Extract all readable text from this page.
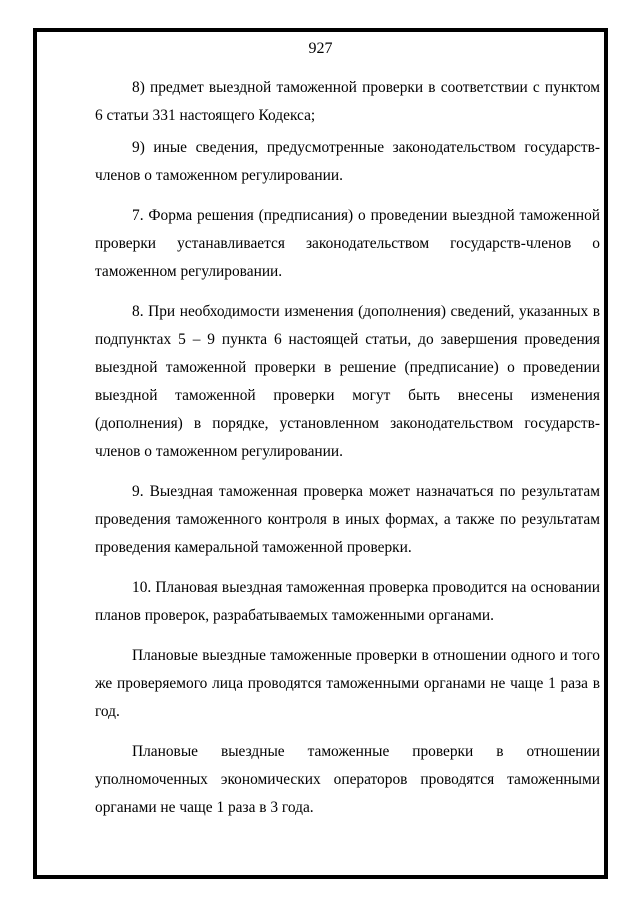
927

8) предмет выездной таможенной проверки в соответствии с пунктом 6 статьи 331 настоящего Кодекса;

9) иные сведения, предусмотренные законодательством государств-членов о таможенном регулировании.

7. Форма решения (предписания) о проведении выездной таможенной проверки устанавливается законодательством государств-членов о таможенном регулировании.

8. При необходимости изменения (дополнения) сведений, указанных в подпунктах 5 – 9 пункта 6 настоящей статьи, до завершения проведения выездной таможенной проверки в решение (предписание) о проведении выездной таможенной проверки могут быть внесены изменения (дополнения) в порядке, установленном законодательством государств-членов о таможенном регулировании.

9. Выездная таможенная проверка может назначаться по результатам проведения таможенного контроля в иных формах, а также по результатам проведения камеральной таможенной проверки.

10. Плановая выездная таможенная проверка проводится на основании планов проверок, разрабатываемых таможенными органами.

Плановые выездные таможенные проверки в отношении одного и того же проверяемого лица проводятся таможенными органами не чаще 1 раза в год.

Плановые выездные таможенные проверки в отношении уполномоченных экономических операторов проводятся таможенными органами не чаще 1 раза в 3 года.
